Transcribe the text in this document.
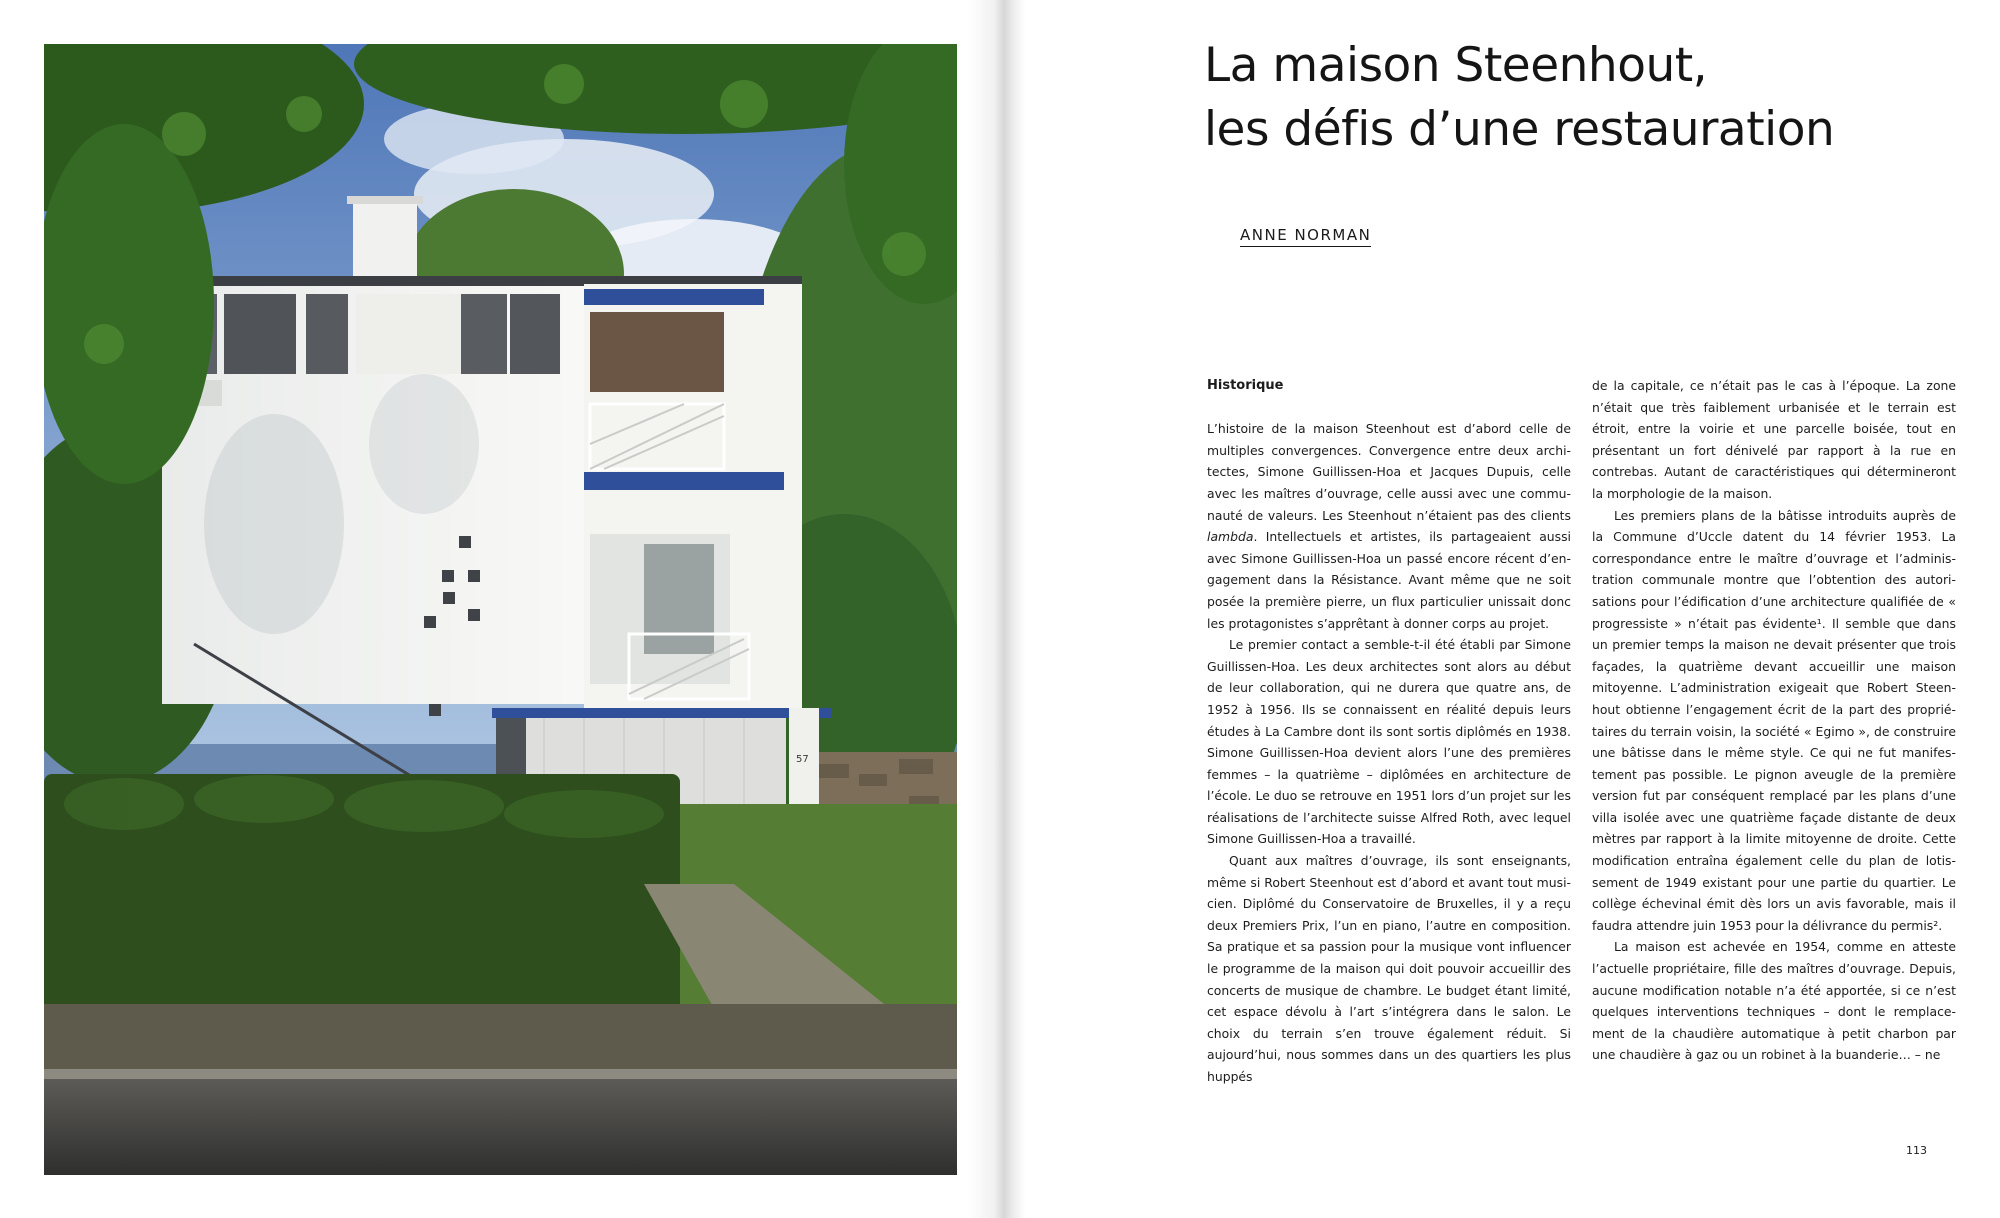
57
La maison Steenhout,
les défis d’une restauration
ANNE NORMAN
Historique

L’histoire de la maison Steenhout est d’abord celle de multiples convergences. Convergence entre deux architectes, Simone Guillissen-Hoa et Jacques Dupuis, celle avec les maîtres d’ouvrage, celle aussi avec une communauté de valeurs. Les Steenhout n’étaient pas des clients lambda. Intellectuels et artistes, ils partageaient aussi avec Simone Guillissen-Hoa un passé encore récent d’engagement dans la Résistance. Avant même que ne soit posée la première pierre, un flux particulier unissait donc les protagonistes s’apprêtant à donner corps au projet.

Le premier contact a semble-t-il été établi par Simone Guillissen-Hoa. Les deux architectes sont alors au début de leur collaboration, qui ne durera que quatre ans, de 1952 à 1956. Ils se connaissent en réalité depuis leurs études à La Cambre dont ils sont sortis diplômés en 1938. Simone Guillissen-Hoa devient alors l’une des premières femmes – la quatrième – diplômées en architecture de l’école. Le duo se retrouve en 1951 lors d’un projet sur les réalisations de l’architecte suisse Alfred Roth, avec lequel Simone Guillissen-Hoa a travaillé.

Quant aux maîtres d’ouvrage, ils sont enseignants, même si Robert Steenhout est d’abord et avant tout musicien. Diplômé du Conservatoire de Bruxelles, il y a reçu deux Premiers Prix, l’un en piano, l’autre en composition. Sa pratique et sa passion pour la musique vont influencer le programme de la maison qui doit pouvoir accueillir des concerts de musique de chambre. Le budget étant limité, cet espace dévolu à l’art s’intégrera dans le salon. Le choix du terrain s’en trouve également réduit. Si aujourd’hui, nous sommes dans un des quartiers les plus huppés

de la capitale, ce n’était pas le cas à l’époque. La zone n’était que très faiblement urbanisée et le terrain est étroit, entre la voirie et une parcelle boisée, tout en présentant un fort dénivelé par rapport à la rue en contrebas. Autant de caractéristiques qui détermineront la morphologie de la maison.

Les premiers plans de la bâtisse introduits auprès de la Commune d’Uccle datent du 14 février 1953. La correspondance entre le maître d’ouvrage et l’administration communale montre que l’obtention des autorisations pour l’édification d’une architecture qualifiée de « progressiste » n’était pas évidente¹. Il semble que dans un premier temps la maison ne devait présenter que trois façades, la quatrième devant accueillir une maison mitoyenne. L’administration exigeait que Robert Steenhout obtienne l’engagement écrit de la part des propriétaires du terrain voisin, la société « Egimo », de construire une bâtisse dans le même style. Ce qui ne fut manifestement pas possible. Le pignon aveugle de la première version fut par conséquent remplacé par les plans d’une villa isolée avec une quatrième façade distante de deux mètres par rapport à la limite mitoyenne de droite. Cette modification entraîna également celle du plan de lotissement de 1949 existant pour une partie du quartier. Le collège échevinal émit dès lors un avis favorable, mais il faudra attendre juin 1953 pour la délivrance du permis².

La maison est achevée en 1954, comme en atteste l’actuelle propriétaire, fille des maîtres d’ouvrage. Depuis, aucune modification notable n’a été apportée, si ce n’est quelques interventions techniques – dont le remplacement de la chaudière automatique à petit charbon par une chaudière à gaz ou un robinet à la buanderie… – ne

113
